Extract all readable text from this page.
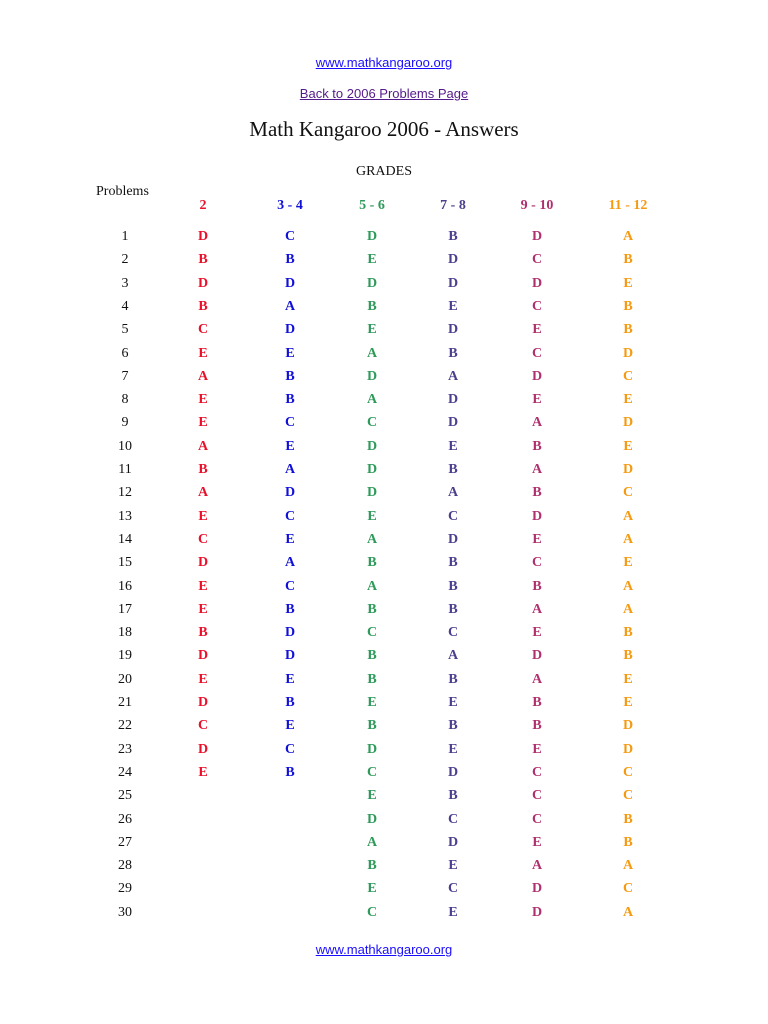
www.mathkangaroo.org
Back to 2006 Problems Page
Math Kangaroo 2006 - Answers
GRADES
Problems
1
2
3
4
5
6
7
8
9
10
11
12
13
14
15
16
17
18
19
20
21
22
23
24
25
26
27
28
29
30
2
D
B
D
B
C
E
A
E
E
A
B
A
E
C
D
E
E
B
D
E
D
C
D
E
3 - 4
C
B
D
A
D
E
B
B
C
E
A
D
C
E
A
C
B
D
D
E
B
E
C
B
5 - 6
D
E
D
B
E
A
D
A
C
D
D
D
E
A
B
A
B
C
B
B
E
B
D
C
E
D
A
B
E
C
7 - 8
B
D
D
E
D
B
A
D
D
E
B
A
C
D
B
B
B
C
A
B
E
B
E
D
B
C
D
E
C
E
9 - 10
D
C
D
C
E
C
D
E
A
B
A
B
D
E
C
B
A
E
D
A
B
B
E
C
C
C
E
A
D
D
11 - 12
A
B
E
B
B
D
C
E
D
E
D
C
A
A
E
A
A
B
B
E
E
D
D
C
C
B
B
A
C
A
www.mathkangaroo.org
